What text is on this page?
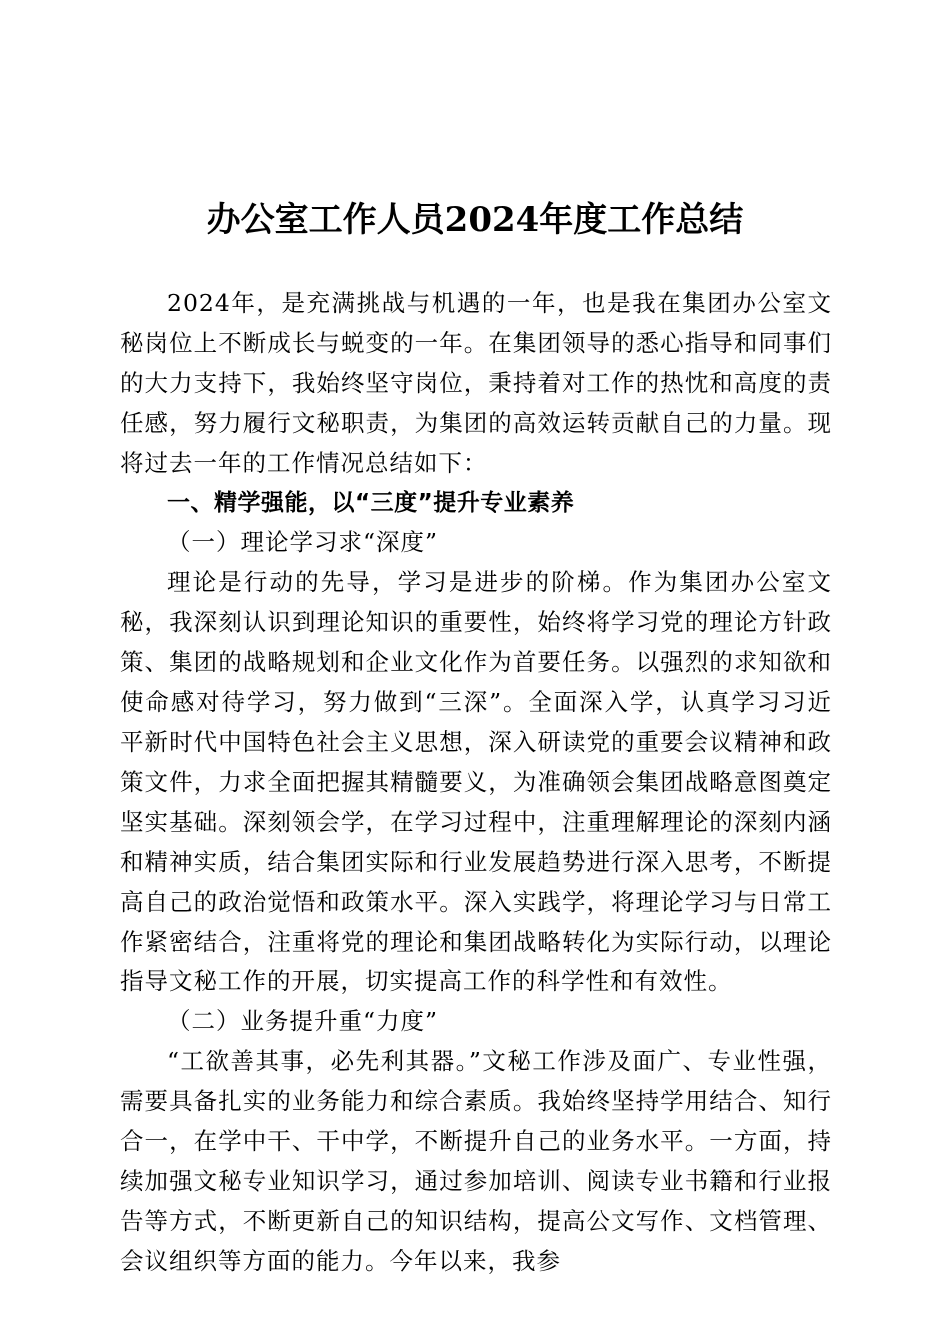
办公室工作人员2024年度工作总结

2024年，是充满挑战与机遇的一年，也是我在集团办公室文秘岗位上不断成长与蜕变的一年。在集团领导的悉心指导和同事们的大力支持下，我始终坚守岗位，秉持着对工作的热忱和高度的责任感，努力履行文秘职责，为集团的高效运转贡献自己的力量。现将过去一年的工作情况总结如下：

一、精学强能，以“三度”提升专业素养

（一）理论学习求“深度”

理论是行动的先导，学习是进步的阶梯。作为集团办公室文秘，我深刻认识到理论知识的重要性，始终将学习党的理论方针政策、集团的战略规划和企业文化作为首要任务。以强烈的求知欲和使命感对待学习，努力做到“三深”。全面深入学，认真学习习近平新时代中国特色社会主义思想，深入研读党的重要会议精神和政策文件，力求全面把握其精髓要义，为准确领会集团战略意图奠定坚实基础。深刻领会学，在学习过程中，注重理解理论的深刻内涵和精神实质，结合集团实际和行业发展趋势进行深入思考，不断提高自己的政治觉悟和政策水平。深入实践学，将理论学习与日常工作紧密结合，注重将党的理论和集团战略转化为实际行动，以理论指导文秘工作的开展，切实提高工作的科学性和有效性。

（二）业务提升重“力度”

“工欲善其事，必先利其器。”文秘工作涉及面广、专业性强，需要具备扎实的业务能力和综合素质。我始终坚持学用结合、知行合一，在学中干、干中学，不断提升自己的业务水平。一方面，持续加强文秘专业知识学习，通过参加培训、阅读专业书籍和行业报告等方式，不断更新自己的知识结构，提高公文写作、文档管理、会议组织等方面的能力。今年以来，我参
